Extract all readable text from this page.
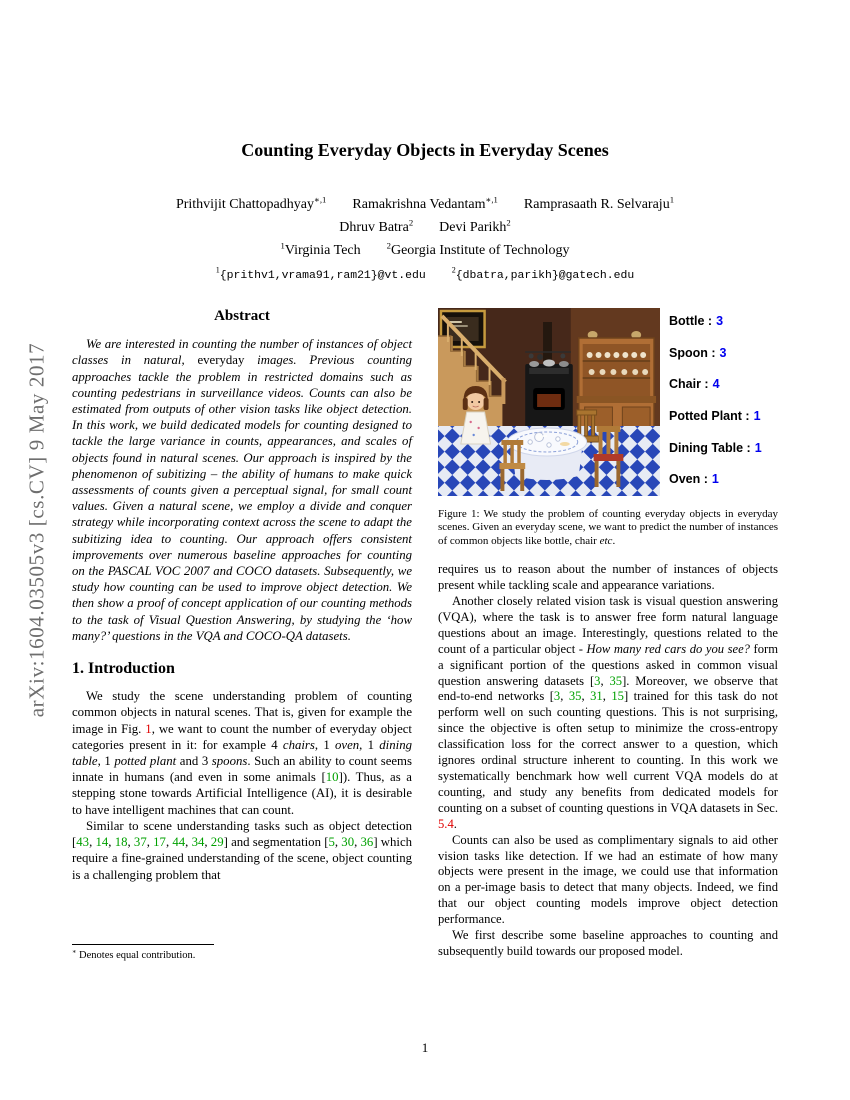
arXiv:1604.03505v3 [cs.CV] 9 May 2017
Counting Everyday Objects in Everyday Scenes
Prithvijit Chattopadhyay$^{∗,1}$ Ramakrishna Vedantam$^{∗,1}$ Ramprasaath R. Selvaraju$^1$
Dhruv Batra$^2$ Devi Parikh$^2$
$^1$Virginia Tech	$^2$Georgia Institute of Technology
$^1${prithv1,vrama91,ram21}@vt.edu	$^2${dbatra,parikh}@gatech.edu
Abstract

We are interested in counting the number of instances of object classes in natural, everyday images. Previous counting approaches tackle the problem in restricted domains such as counting pedestrians in surveillance videos. Counts can also be estimated from outputs of other vision tasks like object detection. In this work, we build dedicated models for counting designed to tackle the large variance in counts, appearances, and scales of objects found in natural scenes. Our approach is inspired by the phenomenon of subitizing – the ability of humans to make quick assessments of counts given a perceptual signal, for small count values. Given a natural scene, we employ a divide and conquer strategy while incorporating context across the scene to adapt the subitizing idea to counting. Our approach offers consistent improvements over numerous baseline approaches for counting on the PASCAL VOC 2007 and COCO datasets. Subsequently, we study how counting can be used to improve object detection. We then show a proof of concept application of our counting methods to the task of Visual Question Answering, by studying the ‘how many?’ questions in the VQA and COCO-QA datasets.

1. Introduction

We study the scene understanding problem of counting common objects in natural scenes. That is, given for example the image in Fig. 1, we want to count the number of everyday object categories present in it: for example 4 chairs, 1 oven, 1 dining table, 1 potted plant and 3 spoons. Such an ability to count seems innate in humans (and even in some animals [10]). Thus, as a stepping stone towards Artificial Intelligence (AI), it is desirable to have intelligent machines that can count.

Similar to scene understanding tasks such as object detection [43, 14, 18, 37, 17, 44, 34, 29] and segmentation [5, 30, 36] which require a fine-grained understanding of the scene, object counting is a challenging problem that

Bottle : 3
Spoon : 3
Chair : 4
Potted Plant : 1
Dining Table : 1
Oven : 1
Figure 1: We study the problem of counting everyday objects in everyday scenes. Given an everyday scene, we want to predict the number of instances of common objects like bottle, chair etc.

requires us to reason about the number of instances of objects present while tackling scale and appearance variations.

Another closely related vision task is visual question answering (VQA), where the task is to answer free form natural language questions about an image. Interestingly, questions related to the count of a particular object - How many red cars do you see? form a significant portion of the questions asked in common visual question answering datasets [3, 35]. Moreover, we observe that end-to-end networks [3, 35, 31, 15] trained for this task do not perform well on such counting questions. This is not surprising, since the objective is often setup to minimize the cross-entropy classification loss for the correct answer to a question, which ignores ordinal structure inherent to counting. In this work we systematically benchmark how well current VQA models do at counting, and study any benefits from dedicated models for counting on a subset of counting questions in VQA datasets in Sec. 5.4.

Counts can also be used as complimentary signals to aid other vision tasks like detection. If we had an estimate of how many objects were present in the image, we could use that information on a per-image basis to detect that many objects. Indeed, we find that our object counting models improve object detection performance.

We first describe some baseline approaches to counting and subsequently build towards our proposed model.

∗ Denotes equal contribution.
1
